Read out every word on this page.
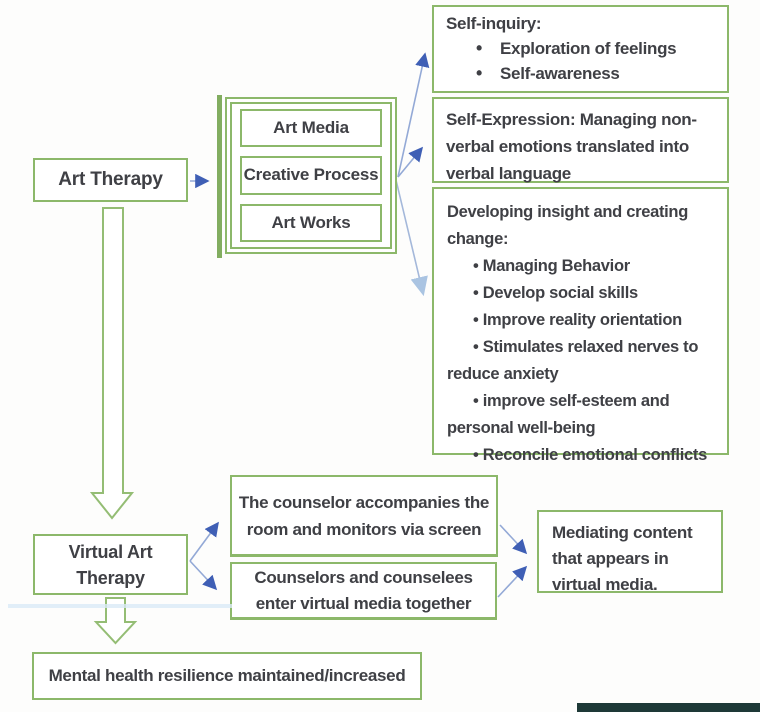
Art Therapy
Art Media
Creative Process
Art Works
Self-inquiry:
• Exploration of feelings
• Self-awareness
Self-Expression: Managing non-
verbal emotions translated into
verbal language
Developing insight and creating
change:
• Managing Behavior
• Develop social skills
• Improve reality orientation
• Stimulates relaxed nerves to
reduce anxiety
• improve self-esteem and
personal well-being
• Reconcile emotional conflicts
Virtual Art
Therapy
The counselor accompanies the
room and monitors via screen
Counselors and counselees
enter virtual media together
Mediating content
that appears in
virtual media.
Mental health resilience maintained/increased
